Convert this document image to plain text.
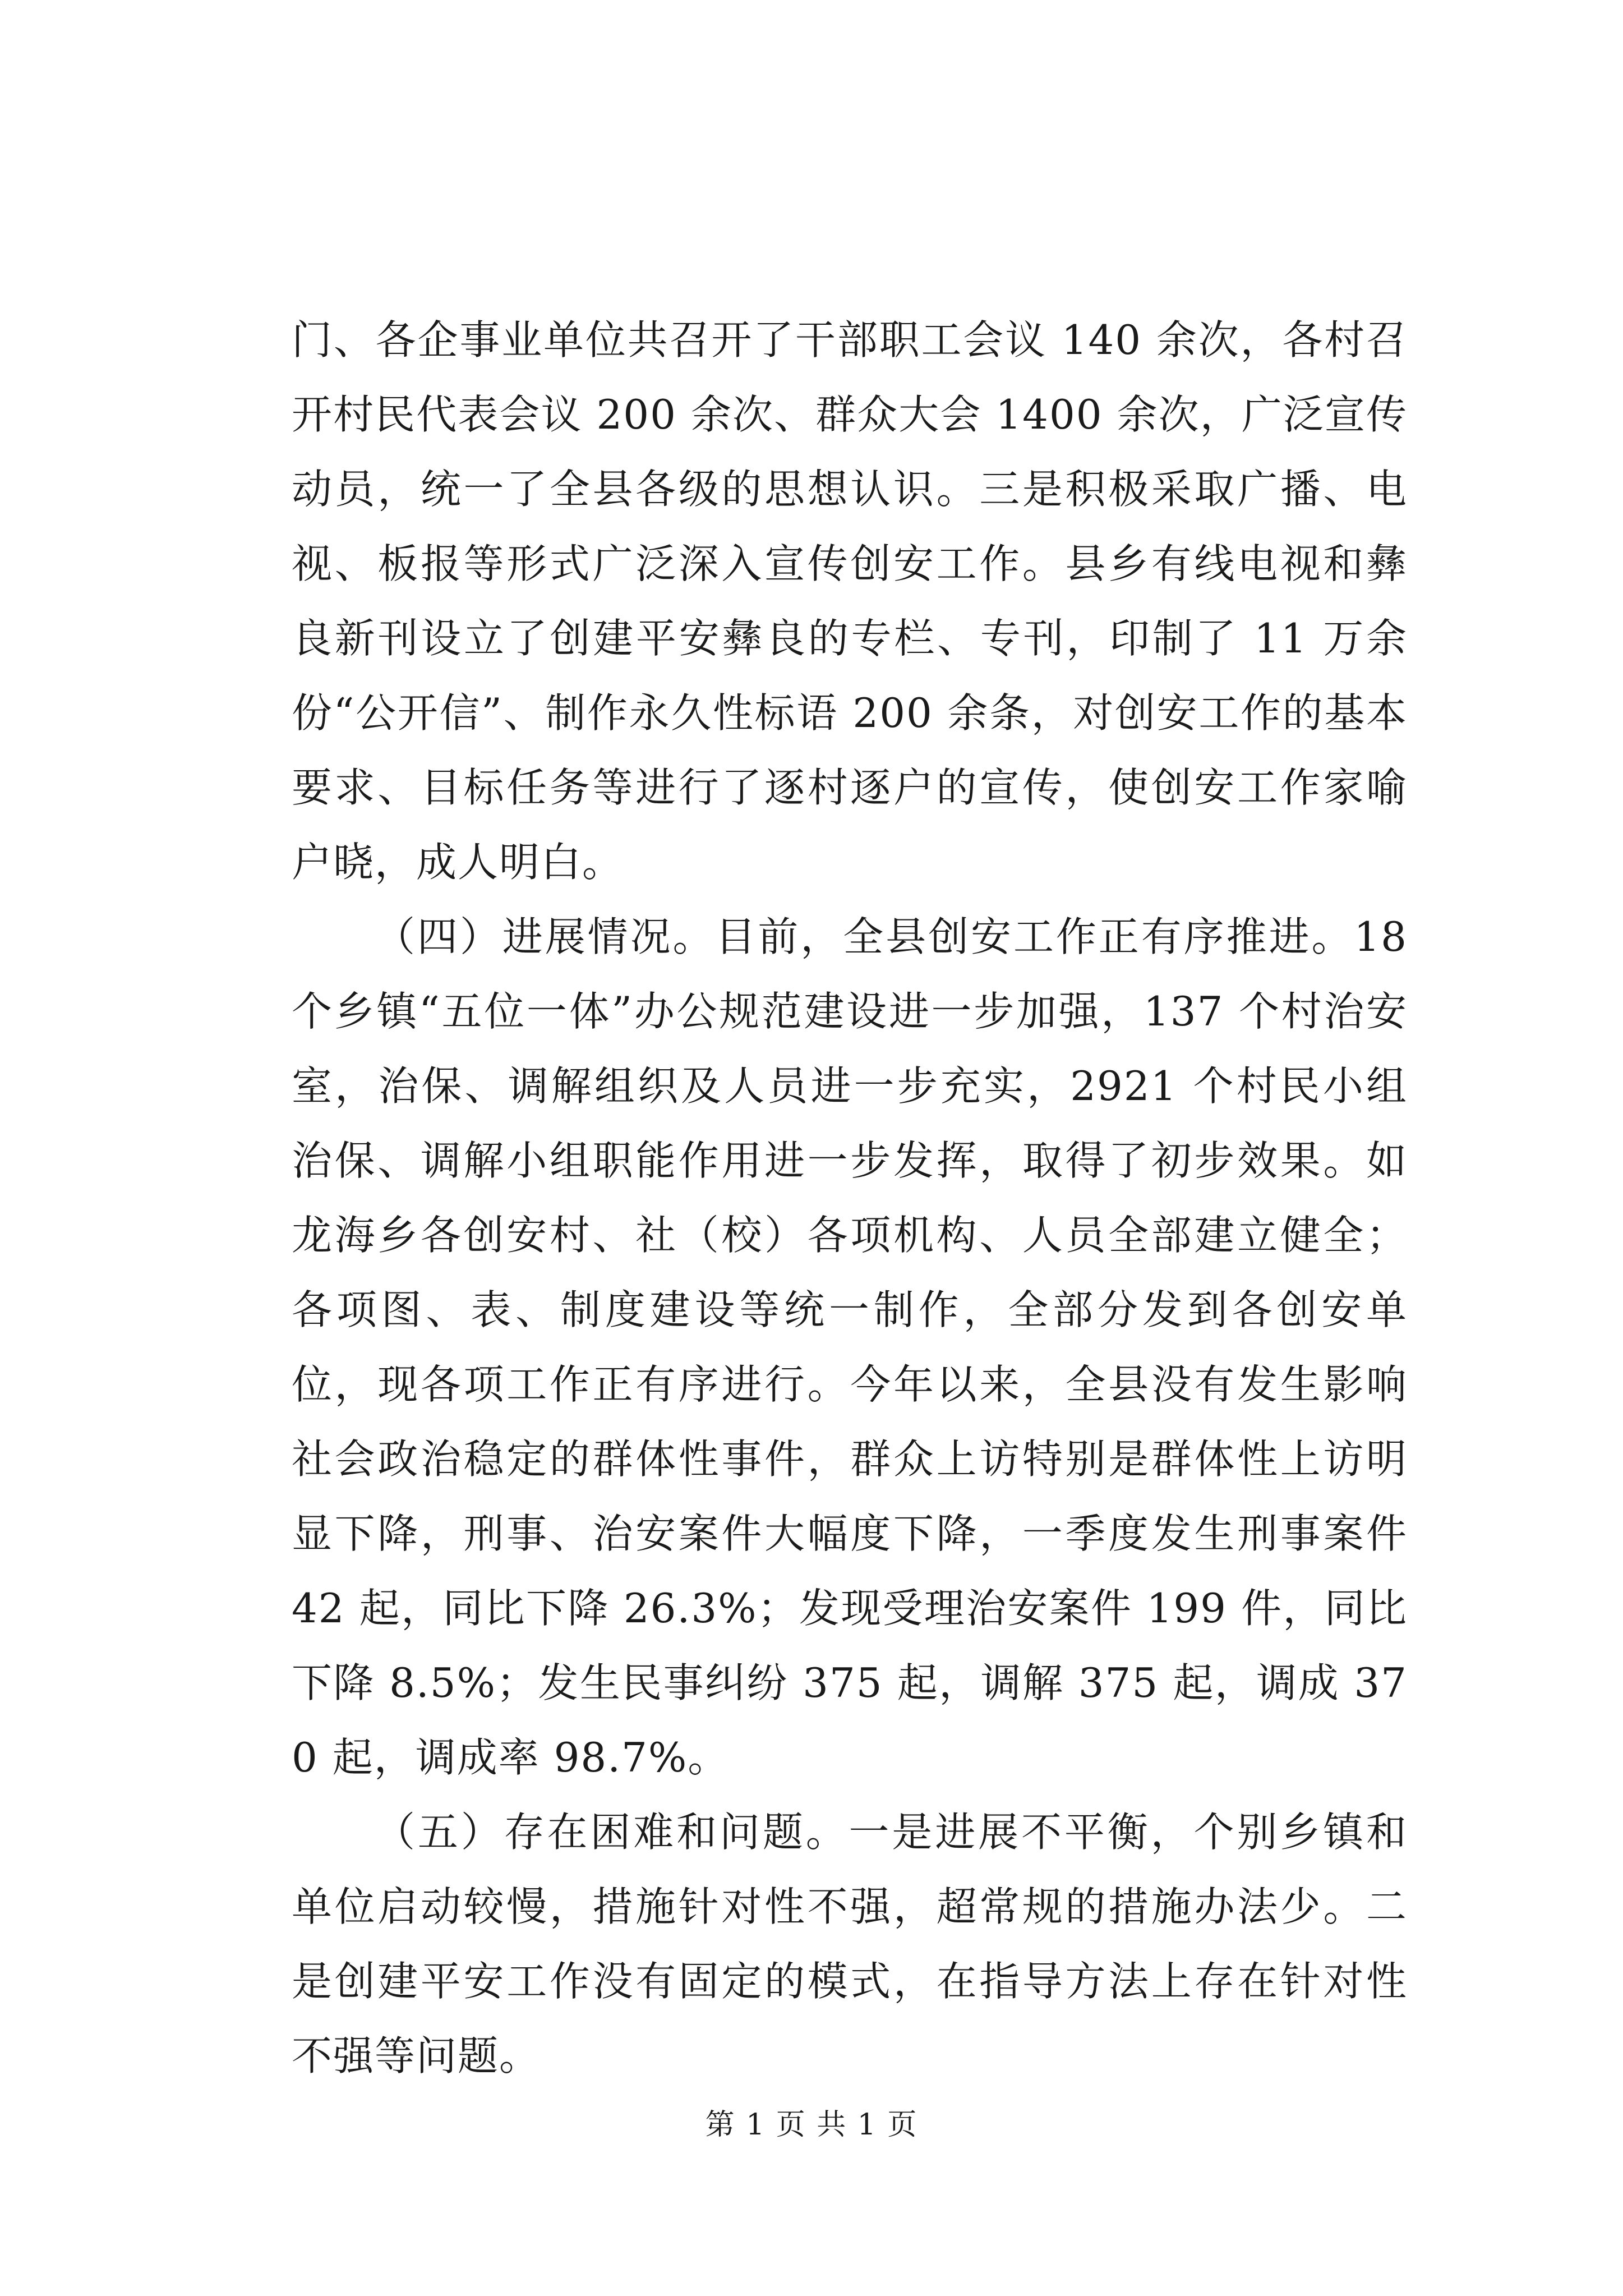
门、各企事业单位共召开了干部职工会议 140 余次，各村召开村民代表会议 200 余次、群众大会 1400 余次，广泛宣传动员，统一了全县各级的思想认识。三是积极采取广播、电视、板报等形式广泛深入宣传创安工作。县乡有线电视和彝良新刊设立了创建平安彝良的专栏、专刊，印制了 11 万余份“公开信”、制作永久性标语 200 余条，对创安工作的基本要求、目标任务等进行了逐村逐户的宣传，使创安工作家喻户晓，成人明白。

（四）进展情况。目前，全县创安工作正有序推进。18 个乡镇“五位一体”办公规范建设进一步加强，137 个村治安室，治保、调解组织及人员进一步充实，2921 个村民小组治保、调解小组职能作用进一步发挥，取得了初步效果。如龙海乡各创安村、社（校）各项机构、人员全部建立健全；各项图、表、制度建设等统一制作，全部分发到各创安单位，现各项工作正有序进行。今年以来，全县没有发生影响社会政治稳定的群体性事件，群众上访特别是群体性上访明显下降，刑事、治安案件大幅度下降，一季度发生刑事案件 42 起，同比下降 26.3%；发现受理治安案件 199 件，同比下降 8.5%；发生民事纠纷 375 起，调解 375 起，调成 370 起，调成率 98.7%。

（五）存在困难和问题。一是进展不平衡，个别乡镇和单位启动较慢，措施针对性不强，超常规的措施办法少。二是创建平安工作没有固定的模式，在指导方法上存在针对性不强等问题。

第 1 页 共 1 页
